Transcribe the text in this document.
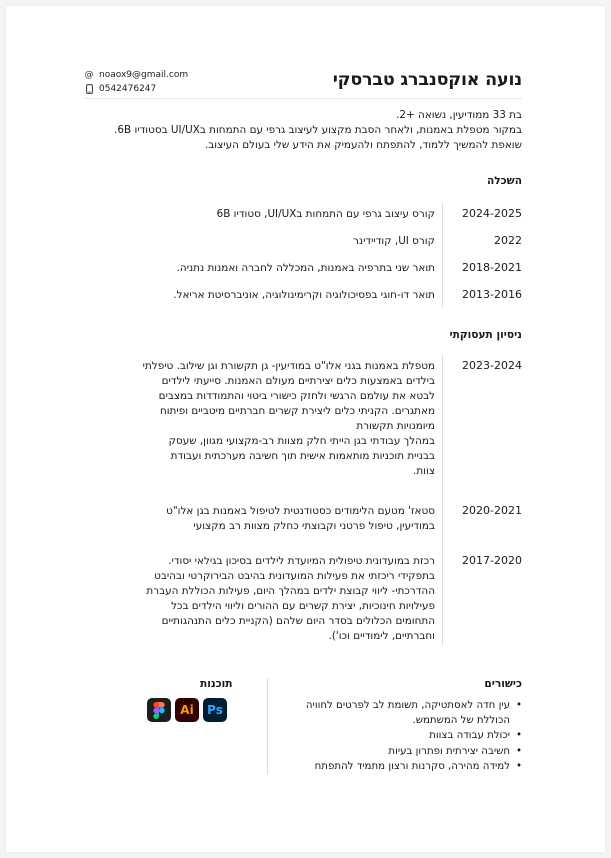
נועה אוקסנברג טברסקי
@ noaox9@gmail.com
0542476247
בת 33 ממודיעין, נשואה +2.
במקור מטפלת באמנות, ולאחר הסבת מקצוע לעיצוב גרפי עם התמחות בUI/UX בסטודיו 6B.
שואפת להמשיך ללמוד, להתפתח ולהעמיק את הידע שלי בעולם העיצוב.
השכלה
2024-2025
קורס עיצוב גרפי עם התמחות בUI/UX, סטודיו 6B
2022
קורס UI, קודיידינר
2018-2021
תואר שני בתרפיה באמנות, המכללה לחברה ואמנות נתניה.
2013-2016
תואר דו-חוגי בפסיכולוגיה וקרימינולוגיה, אוניברסיטת אריאל.
ניסיון תעסוקתי
2023-2024
מטפלת באמנות בגני אלו"ט במודיעין- גן תקשורת וגן שילוב. טיפלתי
בילדים באמצעות כלים יצירתיים מעולם האמנות. סייעתי לילדים
לבטא את עולמם הרגשי ולחזק כישורי ביטוי והתמודדות במצבים
מאתגרים. הקניתי כלים ליצירת קשרים חברתיים מיטביים ופיתוח
מיומנויות תקשורת
במהלך עבודתי בגן הייתי חלק מצוות רב-מקצועי מגוון, שעסק
בבניית תוכניות מותאמות אישית תוך חשיבה מערכתית ועבודת
צוות.
2020-2021
סטאז' מטעם הלימודים כסטודנטית לטיפול באמנות בגן אלו"ט
במודיעין, טיפול פרטני וקבוצתי כחלק מצוות רב מקצועי
2017-2020
רכזת במועדונית טיפולית המיועדת לילדים בסיכון בגילאי יסודי.
בתפקידי ריכזתי את פעילות המועדונית בהיבט הבירוקרטי ובהיבט
ההדרכתי- ליווי קבוצת ילדים במהלך היום, פעילות הכוללת העברת
פעילויות חינוכיות, יצירת קשרים עם ההורים וליווי הילדים בכל
התחומים הכלולים בסדר היום שלהם (הקניית כלים התנהגותיים
וחברתיים, לימודיים וכו').
כישורים
• עין חדה לאסתטיקה, תשומת לב לפרטים לחוויה
הכוללת של המשתמש.
• יכולת עבודה בצוות
• חשיבה יצירתית ופתרון בעיות
• למידה מהירה, סקרנות ורצון מתמיד להתפתח
תוכנות
Ai	Ps
